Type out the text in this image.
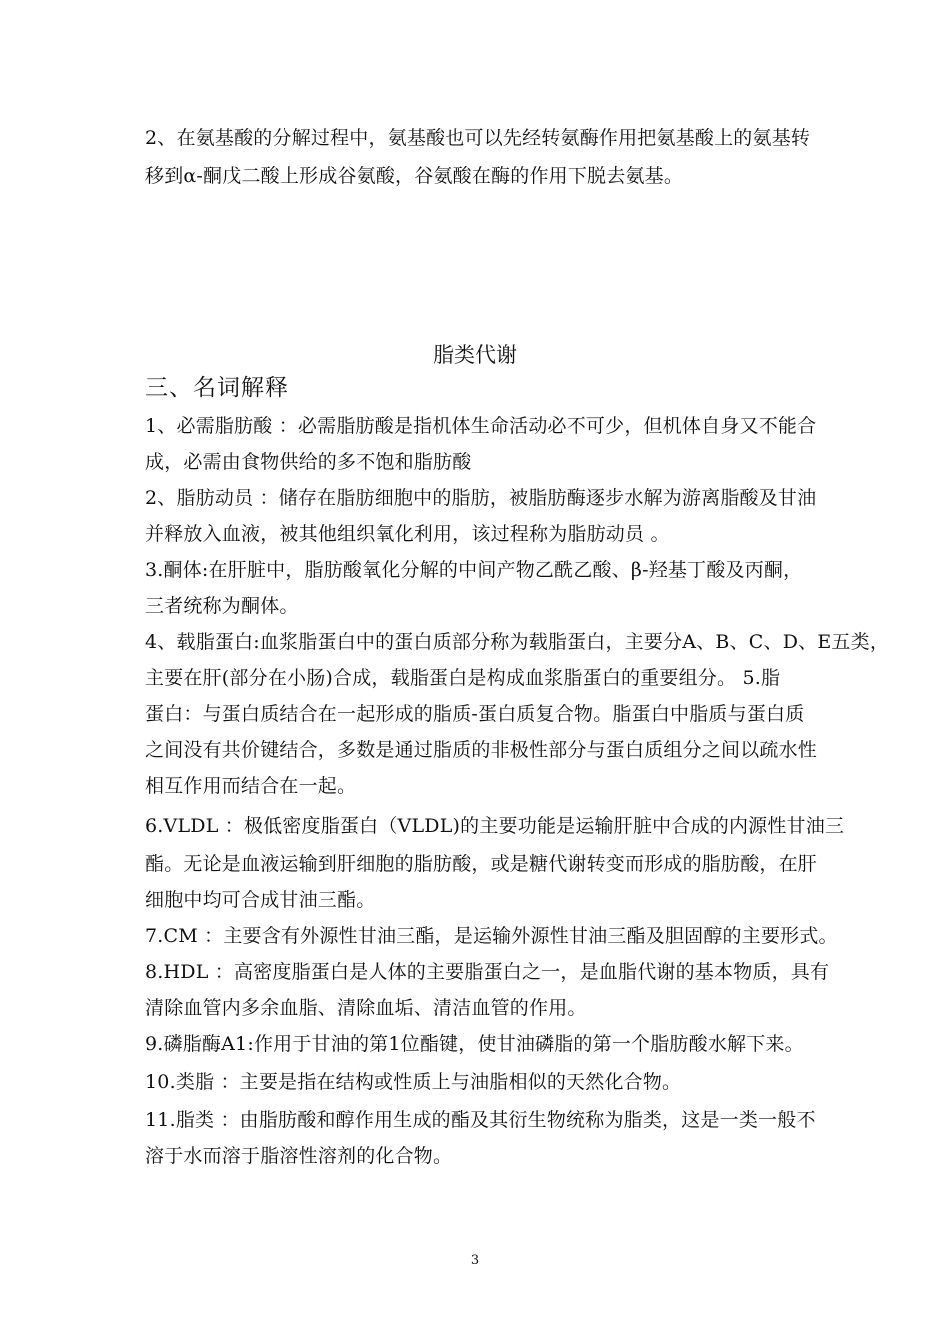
2、在氨基酸的分解过程中，氨基酸也可以先经转氨酶作用把氨基酸上的氨基转
移到α-酮戊二酸上形成谷氨酸，谷氨酸在酶的作用下脱去氨基。
脂类代谢
三、名词解释
1、必需脂肪酸 ：必需脂肪酸是指机体生命活动必不可少，但机体自身又不能合
成，必需由食物供给的多不饱和脂肪酸
2、脂肪动员 ：储存在脂肪细胞中的脂肪，被脂肪酶逐步水解为游离脂酸及甘油
并释放入血液，被其他组织氧化利用，该过程称为脂肪动员 。
3.酮体:在肝脏中，脂肪酸氧化分解的中间产物乙酰乙酸、β-羟基丁酸及丙酮，
三者统称为酮体。
4、载脂蛋白:血浆脂蛋白中的蛋白质部分称为载脂蛋白，主要分A、B、C、D、E五类，
主要在肝(部分在小肠)合成，载脂蛋白是构成血浆脂蛋白的重要组分。 5.脂
蛋白：与蛋白质结合在一起形成的脂质-蛋白质复合物。脂蛋白中脂质与蛋白质
之间没有共价键结合，多数是通过脂质的非极性部分与蛋白质组分之间以疏水性
相互作用而结合在一起。
6.VLDL ：极低密度脂蛋白（VLDL)的主要功能是运输肝脏中合成的内源性甘油三
酯。无论是血液运输到肝细胞的脂肪酸，或是糖代谢转变而形成的脂肪酸，在肝
细胞中均可合成甘油三酯。
7.CM ：主要含有外源性甘油三酯，是运输外源性甘油三酯及胆固醇的主要形式。
8.HDL ：高密度脂蛋白是人体的主要脂蛋白之一，是血脂代谢的基本物质，具有
清除血管内多余血脂、清除血垢、清洁血管的作用。
9.磷脂酶A1:作用于甘油的第1位酯键，使甘油磷脂的第一个脂肪酸水解下来。
10.类脂 ：主要是指在结构或性质上与油脂相似的天然化合物。
11.脂类 ：由脂肪酸和醇作用生成的酯及其衍生物统称为脂类，这是一类一般不
溶于水而溶于脂溶性溶剂的化合物。
3
